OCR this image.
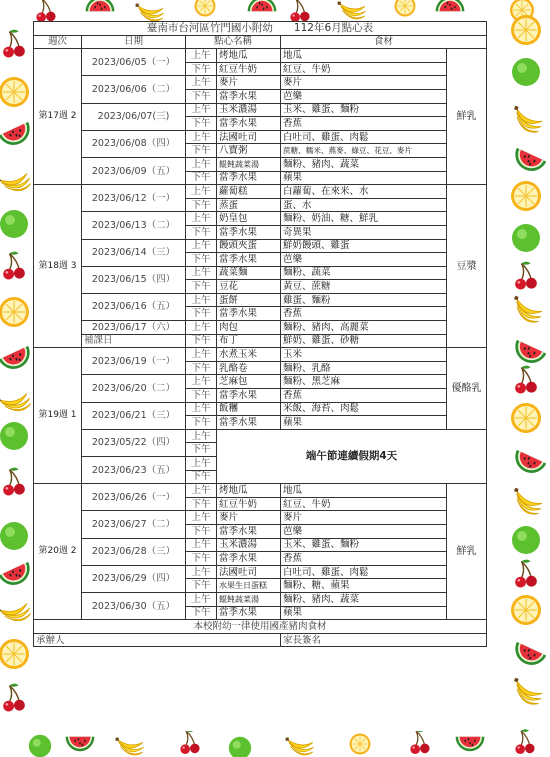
臺南市台河區竹門國小附幼　　112年6月點心表						
週次	日期	點心名稱		食材		
第17週 2	2023/06/05（一）	上午	烤地瓜	地瓜	鮮乳	
		下午	紅豆牛奶	紅豆、牛奶		
	2023/06/06（二）	上午	麥片	麥片		
		下午	當季水果	芭樂		
	2023/06/07(三)	上午	玉米濃湯	玉米、雞蛋、麵粉		
		下午	當季水果	香蕉		
	2023/06/08（四）	上午	法國吐司	白吐司、雞蛋、肉鬆		
		下午	八寶粥	蔗糖、糯米、燕麥、綠豆、花豆、麥片		
	2023/06/09（五）	上午	餛飩蔬菜湯	麵粉、豬肉、蔬菜		
		下午	當季水果	蘋果		
第18週 3	2023/06/12（一）	上午	蘿蔔糕	白蘿蔔、在來米、水	豆漿	
		下午	蒸蛋	蛋、水		
	2023/06/13（二）	上午	奶皇包	麵粉、奶油、糖、鮮乳		
		下午	當季水果	奇異果		
	2023/06/14（三）	上午	饅頭夾蛋	鮮奶饅頭、雞蛋		
		下午	當季水果	芭樂		
	2023/06/15（四）	上午	蔬菜麵	麵粉、蔬菜		
		下午	豆花	黃豆、蔗糖		
	2023/06/16（五）	上午	蛋餅	雞蛋、麵粉		
		下午	當季水果	香蕉		
	2023/06/17（六）	上午	肉包	麵粉、豬肉、高麗菜		
	補課日	下午	布丁	鮮奶、雞蛋、砂糖		
第19週 1	2023/06/19（一）	上午	水煮玉米	玉米	優酪乳	
		下午	乳酪卷	麵粉、乳酪		
	2023/06/20（二）	上午	芝麻包	麵粉、黑芝麻		
		下午	當季水果	香蕉		
	2023/06/21（三）	上午	飯糰	米飯、海苔、肉鬆		
		下午	當季水果	蘋果		
	2023/05/22（四）	上午	端午節連續假期4天			
		下午				
	2023/06/23（五）	上午				
		下午				
第20週 2	2023/06/26（一）	上午	烤地瓜	地瓜	鮮乳	
		下午	紅豆牛奶	紅豆、牛奶		
	2023/06/27（二）	上午	麥片	麥片		
		下午	當季水果	芭樂		
	2023/06/28（三）	上午	玉米濃湯	玉米、雞蛋、麵粉		
		下午	當季水果	香蕉		
	2023/06/29（四）	上午	法國吐司	白吐司、雞蛋、肉鬆		
		下午	水果生日蛋糕	麵粉、糖、蘋果		
	2023/06/30（五）	上午	餛飩蔬菜湯	麵粉、豬肉、蔬菜		
		下午	當季水果	蘋果		
本校附幼一律使用國產豬肉食材						
承辦人				家長簽名		
